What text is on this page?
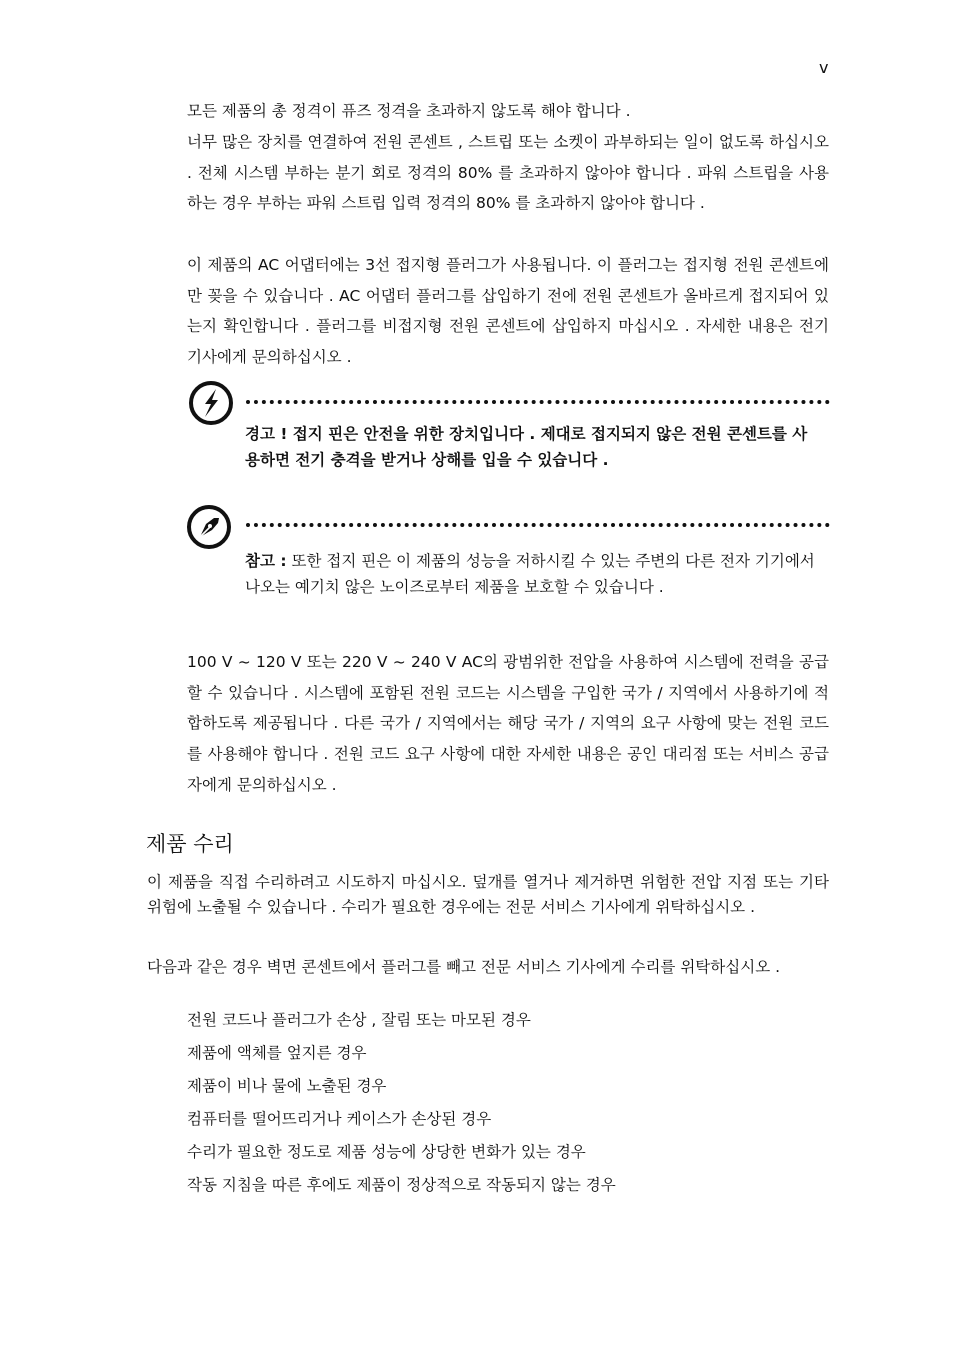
v

모든 제품의 총 정격이 퓨즈 정격을 초과하지 않도록 해야 합니다 .

너무 많은 장치를 연결하여 전원 콘센트 , 스트립 또는 소켓이 과부하되는 일이 없도록 하십시오 . 전체 시스템 부하는 분기 회로 정격의 80% 를 초과하지 않아야 합니다 . 파워 스트립을 사용하는 경우 부하는 파워 스트립 입력 정격의 80% 를 초과하지 않아야 합니다 .

이 제품의 AC 어댑터에는 3선 접지형 플러그가 사용됩니다. 이 플러그는 접지형 전원 콘센트에만 꽂을 수 있습니다 . AC 어댑터 플러그를 삽입하기 전에 전원 콘센트가 올바르게 접지되어 있는지 확인합니다 . 플러그를 비접지형 전원 콘센트에 삽입하지 마십시오 . 자세한 내용은 전기 기사에게 문의하십시오 .

경고 ! 접지 핀은 안전을 위한 장치입니다 . 제대로 접지되지 않은 전원 콘센트를 사용하면 전기 충격을 받거나 상해를 입을 수 있습니다 .

참고 : 또한 접지 핀은 이 제품의 성능을 저하시킬 수 있는 주변의 다른 전자 기기에서 나오는 예기치 않은 노이즈로부터 제품을 보호할 수 있습니다 .

100 V ~ 120 V 또는 220 V ~ 240 V AC의 광범위한 전압을 사용하여 시스템에 전력을 공급할 수 있습니다 . 시스템에 포함된 전원 코드는 시스템을 구입한 국가 / 지역에서 사용하기에 적합하도록 제공됩니다 . 다른 국가 / 지역에서는 해당 국가 / 지역의 요구 사항에 맞는 전원 코드를 사용해야 합니다 . 전원 코드 요구 사항에 대한 자세한 내용은 공인 대리점 또는 서비스 공급자에게 문의하십시오 .

제품 수리

이 제품을 직접 수리하려고 시도하지 마십시오. 덮개를 열거나 제거하면 위험한 전압 지점 또는 기타 위험에 노출될 수 있습니다 . 수리가 필요한 경우에는 전문 서비스 기사에게 위탁하십시오 .

다음과 같은 경우 벽면 콘센트에서 플러그를 빼고 전문 서비스 기사에게 수리를 위탁하십시오 .

전원 코드나 플러그가 손상 , 잘림 또는 마모된 경우
제품에 액체를 엎지른 경우
제품이 비나 물에 노출된 경우
컴퓨터를 떨어뜨리거나 케이스가 손상된 경우
수리가 필요한 정도로 제품 성능에 상당한 변화가 있는 경우
작동 지침을 따른 후에도 제품이 정상적으로 작동되지 않는 경우
